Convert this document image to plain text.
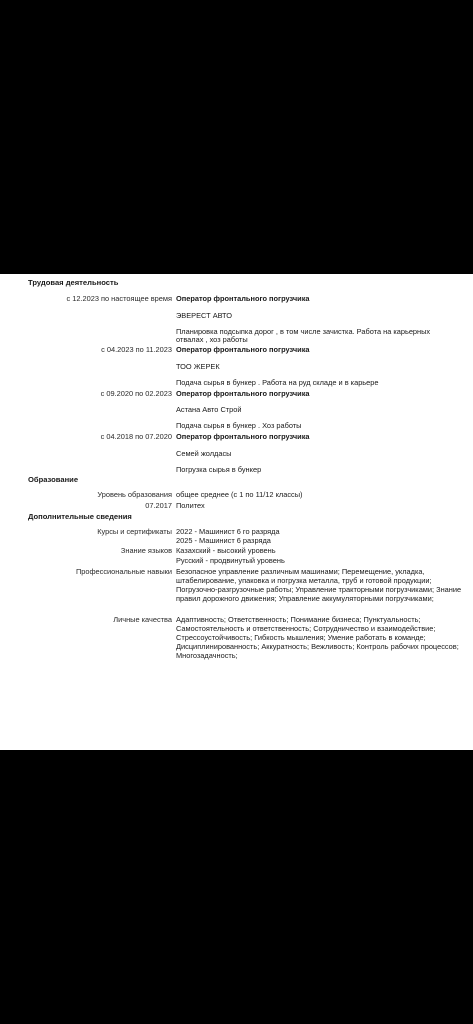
Трудовая деятельность
с 12.2023 по настоящее время Оператор фронтального погрузчика
ЭВЕРЕСТ АВТО
Планировка подсыпка дорог , в том числе зачистка. Работа на карьерных
отвалах , хоз работы
с 04.2023 по 11.2023 Оператор фронтального погрузчика
ТОО ЖЕРЕК
Подача сырья в бункер . Работа на руд складе и в карьере
с 09.2020 по 02.2023 Оператор фронтального погрузчика
Астана Авто Строй
Подача сырья в бункер . Хоз работы
с 04.2018 по 07.2020 Оператор фронтального погрузчика
Семей жолдасы
Погрузка сырья в бункер
Образование
Уровень образования общее среднее (с 1 по 11/12 классы)
07.2017 Политех
Дополнительные сведения
Курсы и сертификаты 2022 - Машинист 6 го разряда
2025 - Машинист 6 разряда
Знание языков Казахский - высокий уровень
Русский - продвинутый уровень
Профессиональные навыки Безопасное управление различным машинами; Перемещение, укладка, штабелирование, упаковка и погрузка металла, труб и готовой продукции; Погрузочно-разгрузочные работы; Управление тракторными погрузчиками; Знание правил дорожного движения; Управление аккумуляторными погрузчиками;
Личные качества Адаптивность; Ответственность; Понимание бизнеса; Пунктуальность; Самостоятельность и ответственность; Сотрудничество и взаимодействие; Стрессоустойчивость; Гибкость мышления; Умение работать в команде; Дисциплинированность; Аккуратность; Вежливость; Контроль рабочих процессов; Многозадачность;
